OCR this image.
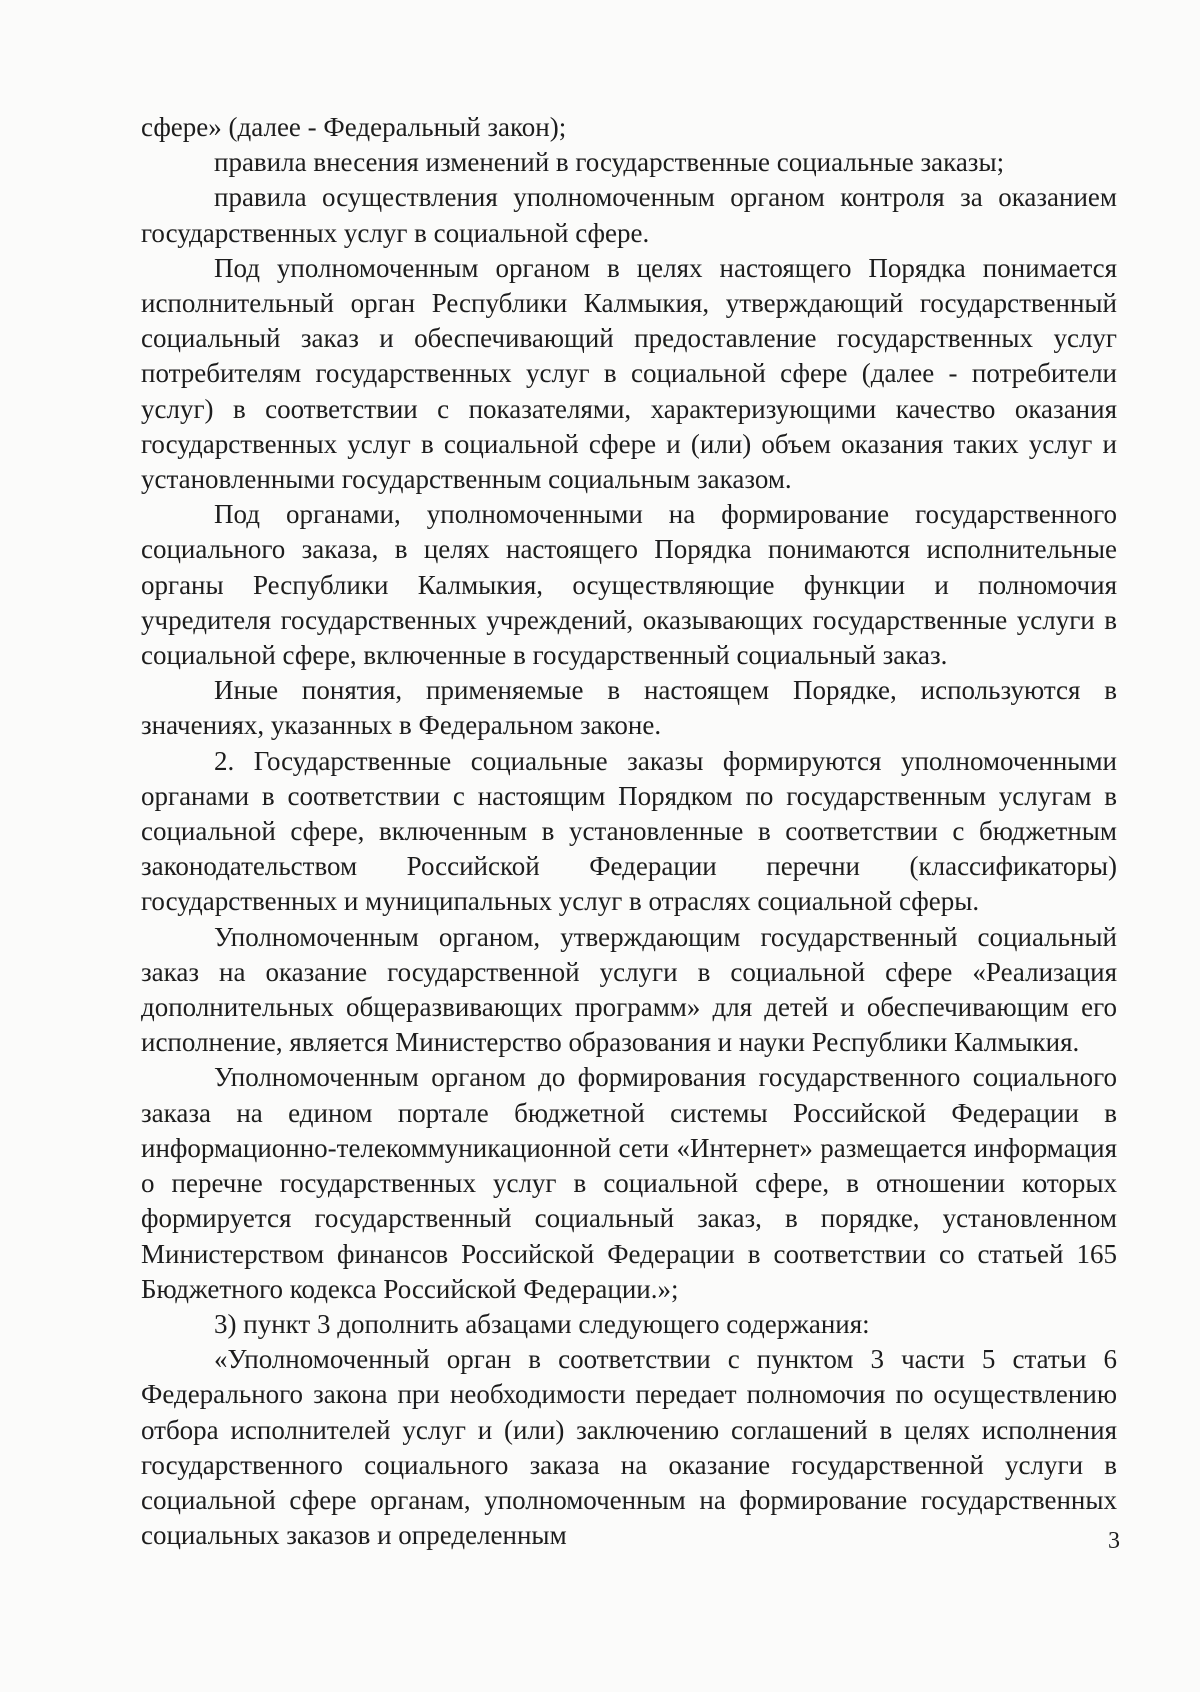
сфере» (далее - Федеральный закон);

правила внесения изменений в государственные социальные заказы;

правила осуществления уполномоченным органом контроля за оказанием государственных услуг в социальной сфере.

Под уполномоченным органом в целях настоящего Порядка понимается исполнительный орган Республики Калмыкия, утверждающий государственный социальный заказ и обеспечивающий предоставление государственных услуг потребителям государственных услуг в социальной сфере (далее - потребители услуг) в соответствии с показателями, характеризующими качество оказания государственных услуг в социальной сфере и (или) объем оказания таких услуг и установленными государственным социальным заказом.

Под органами, уполномоченными на формирование государственного социального заказа, в целях настоящего Порядка понимаются исполнительные органы Республики Калмыкия, осуществляющие функции и полномочия учредителя государственных учреждений, оказывающих государственные услуги в социальной сфере, включенные в государственный социальный заказ.

Иные понятия, применяемые в настоящем Порядке, используются в значениях, указанных в Федеральном законе.

2. Государственные социальные заказы формируются уполномоченными органами в соответствии с настоящим Порядком по государственным услугам в социальной сфере, включенным в установленные в соответствии с бюджетным законодательством Российской Федерации перечни (классификаторы) государственных и муниципальных услуг в отраслях социальной сферы.

Уполномоченным органом, утверждающим государственный социальный заказ на оказание государственной услуги в социальной сфере «Реализация дополнительных общеразвивающих программ» для детей и обеспечивающим его исполнение, является Министерство образования и науки Республики Калмыкия.

Уполномоченным органом до формирования государственного социального заказа на едином портале бюджетной системы Российской Федерации в информационно-телекоммуникационной сети «Интернет» размещается информация о перечне государственных услуг в социальной сфере, в отношении которых формируется государственный социальный заказ, в порядке, установленном Министерством финансов Российской Федерации в соответствии со статьей 165 Бюджетного кодекса Российской Федерации.»;

3) пункт 3 дополнить абзацами следующего содержания:

«Уполномоченный орган в соответствии с пунктом 3 части 5 статьи 6 Федерального закона при необходимости передает полномочия по осуществлению отбора исполнителей услуг и (или) заключению соглашений в целях исполнения государственного социального заказа на оказание государственной услуги в социальной сфере органам, уполномоченным на формирование государственных социальных заказов и определенным	3
